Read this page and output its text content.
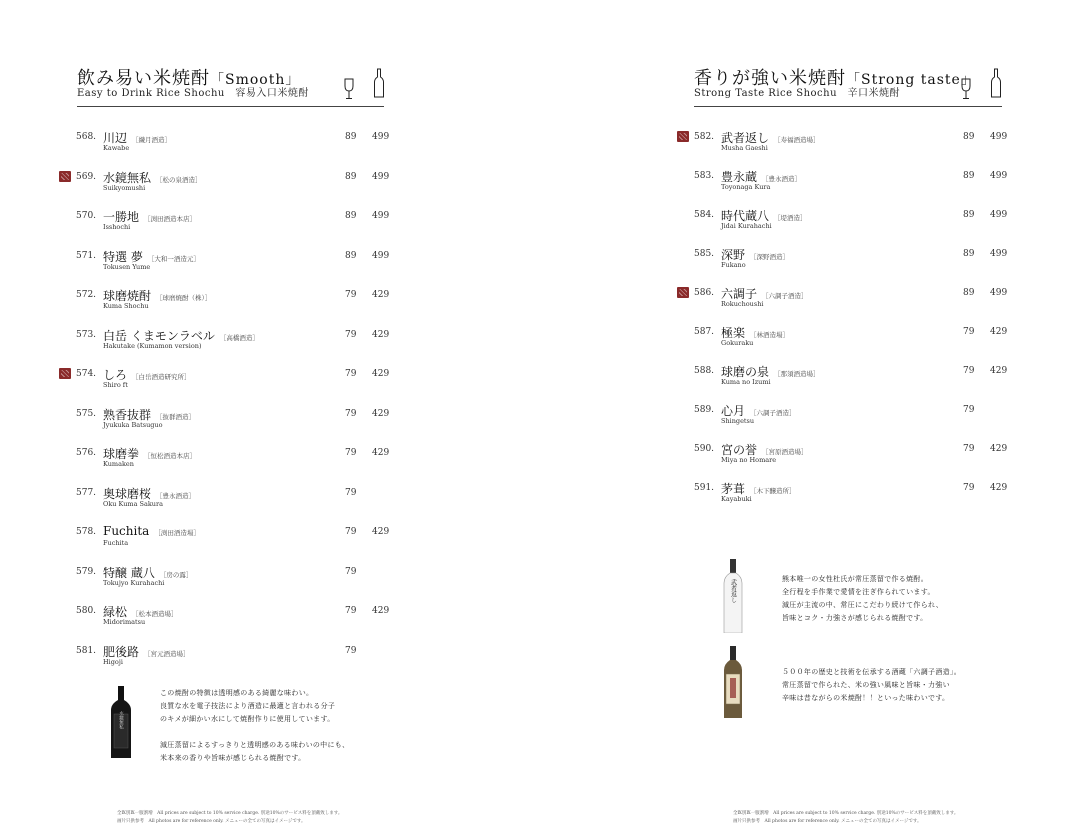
飲み易い米焼酎「Smooth」
Easy to Drink Rice Shochu　容易入口米焼酎
568. 川辺 ［繊月酒造］
Kawabe
89 499
569. 水鏡無私 ［松の泉酒造］
Suikyomushi
89 499
570. 一勝地 ［渕田酒造本店］
Isshochi
89 499
571. 特選 夢 ［大和一酒造元］
Tokusen Yume
89 499
572. 球磨焼酎 ［球磨焼酎（株）］
Kuma Shochu
79 429
573. 白岳 くまモンラベル ［高橋酒造］
Hakutake (Kumamon version)
79 429
574. しろ ［白岳酒造研究所］
Shiro ft
79 429
575. 熟香抜群 ［抜群酒造］
Jyukuka Batsuguo
79 429
576. 球磨拳 ［恒松酒造本店］
Kumaken
79 429
577. 奥球磨桜 ［豊永酒造］
Oku Kuma Sakura
79
578. Fuchita ［渕田酒造場］
Fuchita
79 429
579. 特醸 蔵八 ［房の露］
Tokujyo Kurahachi
79
580. 緑松 ［松本酒造場］
Midorimatsu
79 429
581. 肥後路 ［宮元酒造場］
Higoji
79
水鏡無私
この焼酎の特徴は透明感のある綺麗な味わい。
良質な水を電子技法により酒造に最適と言われる分子
のキメが細かい水にして焼酎作りに使用しています。
減圧蒸留によるすっきりと透明感のある味わいの中にも、
米本来の香りや旨味が感じられる焼酎です。
全Ⅸ別Ⅸ一服割増　All prices are subject to 10% service charge. 別途10%のサービス料を頂戴致します。
画片只供参考　All photos are for reference only. メニューの全ての写真はイメージです。
香りが強い米焼酎「Strong taste」
Strong Taste Rice Shochu　辛口米焼酎
582. 武者返し ［寿福酒造場］
Musha Gaeshi
89 499
583. 豊永蔵 ［豊永酒造］
Toyonaga Kura
89 499
584. 時代蔵八 ［堤酒造］
Jidai Kurahachi
89 499
585. 深野 ［深野酒造］
Fukano
89 499
586. 六調子 ［六調子酒造］
Rokuchoushi
89 499
587. 極楽 ［林酒造場］
Gokuraku
79 429
588. 球磨の泉 ［那須酒造場］
Kuma no Izumi
79 429
589. 心月 ［六調子酒造］
Shingetsu
79
590. 宮の誉 ［宮原酒造場］
Miya no Homare
79 429
591. 茅葺 ［木下醸造所］
Kayabuki
79 429
武者返し	熊本唯一の女性杜氏が常圧蒸留で作る焼酎。
全行程を手作業で愛情を注ぎ作られています。
減圧が主流の中、常圧にこだわり続けて作られ、
旨味とコク・力強さが感じられる焼酎です。
５００年の歴史と技術を伝承する酒蔵「六調子酒造」。
常圧蒸留で作られた、米の強い風味と旨味・力強い
辛味は昔ながらの米焼酎！！といった味わいです。
全Ⅸ別Ⅸ一服割増　All prices are subject to 10% service charge. 別途10%のサービス料を頂戴致します。
画片只供参考　All photos are for reference only. メニューの全ての写真はイメージです。
